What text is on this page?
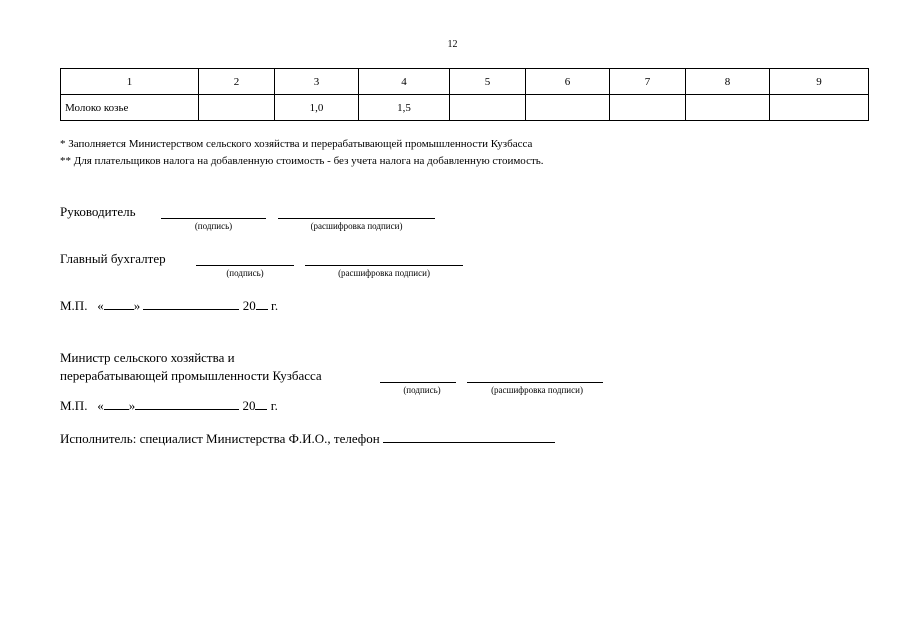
12
1	2	3	4	5	6	7	8	9
Молоко козье		1,0	1,5					
* Заполняется Министерством сельского хозяйства и перерабатывающей промышленности Кузбасса
** Для плательщиков налога на добавленную стоимость - без учета налога на добавленную стоимость.
Руководитель
(подпись)	(расшифровка подписи)
Главный бухгалтер
(подпись)	(расшифровка подписи)
М.П. « »	20 г.
Министр сельского хозяйства и
перерабатывающей промышленности Кузбасса
(подпись)	(расшифровка подписи)
М.П. « »	20 г.
Исполнитель: специалист Министерства Ф.И.О., телефон
